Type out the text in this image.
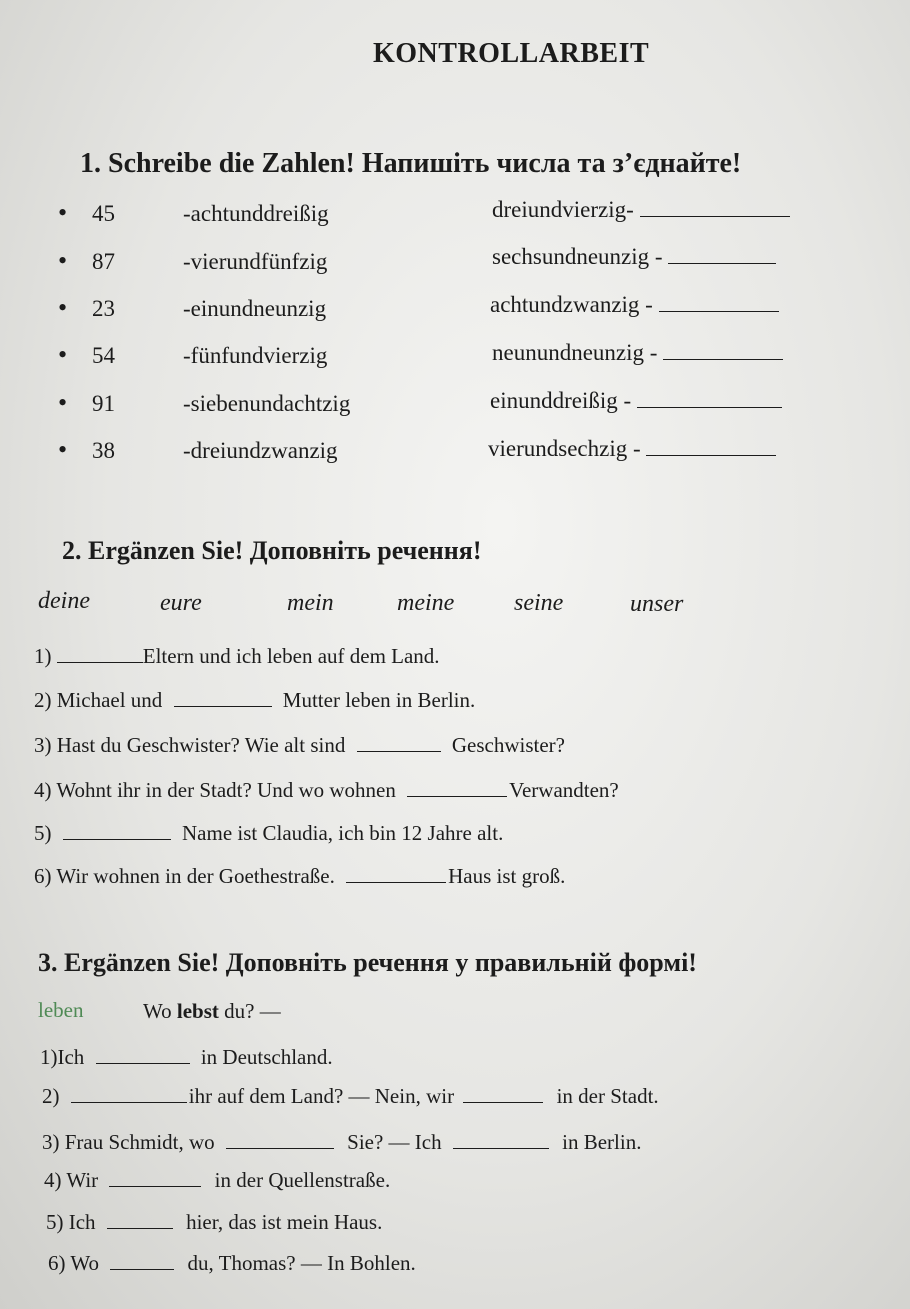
KONTROLLARBEIT
1. Schreibe die Zahlen! Напишіть числа та з’єднайте!
• 45	-achtunddreißig	dreiundvierzig-
• 87	-vierundfünfzig	sechsundneunzig -
• 23	-einundneunzig	achtundzwanzig -
• 54	-fünfundvierzig	neunundneunzig -
• 91	-siebenundachtzig	einunddreißig -
• 38	-dreiundzwanzig	vierundsechzig -
2. Ergänzen Sie! Доповніть речення!
deine	eure	mein	meine seine	unser
1)	Eltern und ich leben auf dem Land.
2) Michael und	Mutter leben in Berlin.
3) Hast du Geschwister? Wie alt sind	Geschwister?
4) Wohnt ihr in der Stadt? Und wo wohnen	Verwandten?
5)	Name ist Claudia, ich bin 12 Jahre alt.
6) Wir wohnen in der Goethestraße.	Haus ist groß.
3. Ergänzen Sie! Доповніть речення у правильній формі!
leben	Wo lebst du? —
1)Ich	in Deutschland.
2)	ihr auf dem Land? — Nein, wir	in der Stadt.
3) Frau Schmidt, wo	Sie? — Ich	in Berlin.
4) Wir	in der Quellenstraße.
5) Ich	hier, das ist mein Haus.
6) Wo	du, Thomas? — In Bohlen.
